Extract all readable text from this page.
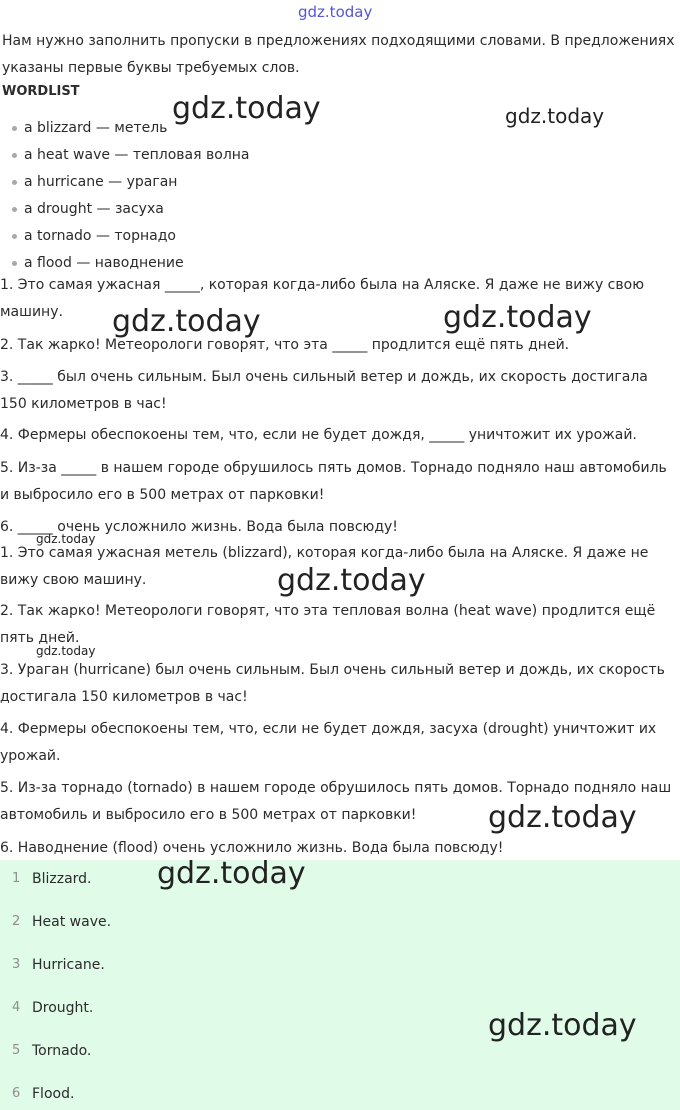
gdz.today

Нам нужно заполнить пропуски в предложениях подходящими словами. В предложениях указаны первые буквы требуемых слов.

WORDLIST

a blizzard — метель
a heat wave — тепловая волна
a hurricane — ураган
a drought — засуха
a tornado — торнадо
a flood — наводнение

1. Это самая ужасная _____, которая когда-либо была на Аляске. Я даже не вижу свою машину.

2. Так жарко! Метеорологи говорят, что эта _____ продлится ещё пять дней.

3. _____ был очень сильным. Был очень сильный ветер и дождь, их скорость достигала 150 километров в час!

4. Фермеры обеспокоены тем, что, если не будет дождя, _____ уничтожит их урожай.

5. Из-за _____ в нашем городе обрушилось пять домов. Торнадо подняло наш автомобиль и выбросило его в 500 метрах от парковки!

6. _____ очень усложнило жизнь. Вода была повсюду!

1. Это самая ужасная метель (blizzard), которая когда-либо была на Аляске. Я даже не вижу свою машину.

2. Так жарко! Метеорологи говорят, что эта тепловая волна (heat wave) продлится ещё пять дней.

3. Ураган (hurricane) был очень сильным. Был очень сильный ветер и дождь, их скорость достигала 150 километров в час!

4. Фермеры обеспокоены тем, что, если не будет дождя, засуха (drought) уничтожит их урожай.

5. Из-за торнадо (tornado) в нашем городе обрушилось пять домов. Торнадо подняло наш автомобиль и выбросило его в 500 метрах от парковки!

6. Наводнение (flood) очень усложнило жизнь. Вода была повсюду!

1 Blizzard.
2 Heat wave.
3 Hurricane.
4 Drought.
5 Tornado.
6 Flood.
gdz.today	gdz.today
gdz.today	gdz.today
gdz.today
gdz.today
gdz.today
gdz.today
gdz.today
gdz.today
